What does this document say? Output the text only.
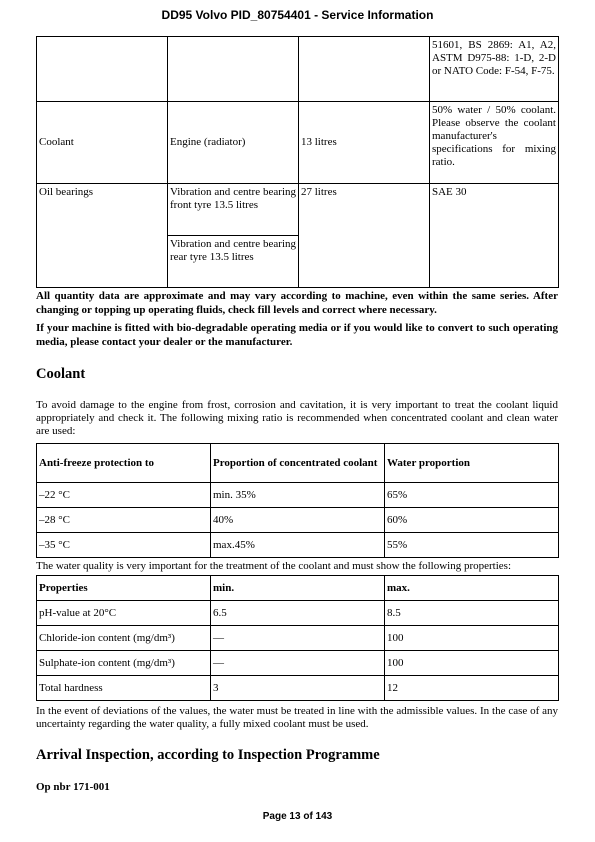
DD95 Volvo PID_80754401 - Service Information
			51601, BS 2869: A1, A2, ASTM D975-88: 1-D, 2-D or NATO Code: F-54, F-75.
Coolant	Engine (radiator)	13 litres	50% water / 50% coolant. Please observe the coolant manufacturer's specifications for mixing ratio.
Oil bearings	Vibration and centre bearing front tyre 13.5 litres	27 litres	SAE 30
	Vibration and centre bearing rear tyre 13.5 litres		

All quantity data are approximate and may vary according to machine, even within the same series. After changing or topping up operating fluids, check fill levels and correct where necessary.

If your machine is fitted with bio-degradable operating media or if you would like to convert to such operating media, please contact your dealer or the manufacturer.

Coolant

To avoid damage to the engine from frost, corrosion and cavitation, it is very important to treat the coolant liquid appropriately and check it. The following mixing ratio is recommended when concentrated coolant and clean water are used:

Anti-freeze protection to	Proportion of concentrated coolant	Water proportion
–22 °C	min. 35%	65%
–28 °C	40%	60%
–35 °C	max.45%	55%

The water quality is very important for the treatment of the coolant and must show the following properties:

Properties	min.	max.
pH-value at 20°C	6.5	8.5
Chloride-ion content (mg/dm³)	—	100
Sulphate-ion content (mg/dm³)	—	100
Total hardness	3	12

In the event of deviations of the values, the water must be treated in line with the admissible values. In the case of any uncertainty regarding the water quality, a fully mixed coolant must be used.

Arrival Inspection, according to Inspection Programme

Op nbr 171-001

Page 13 of 143
